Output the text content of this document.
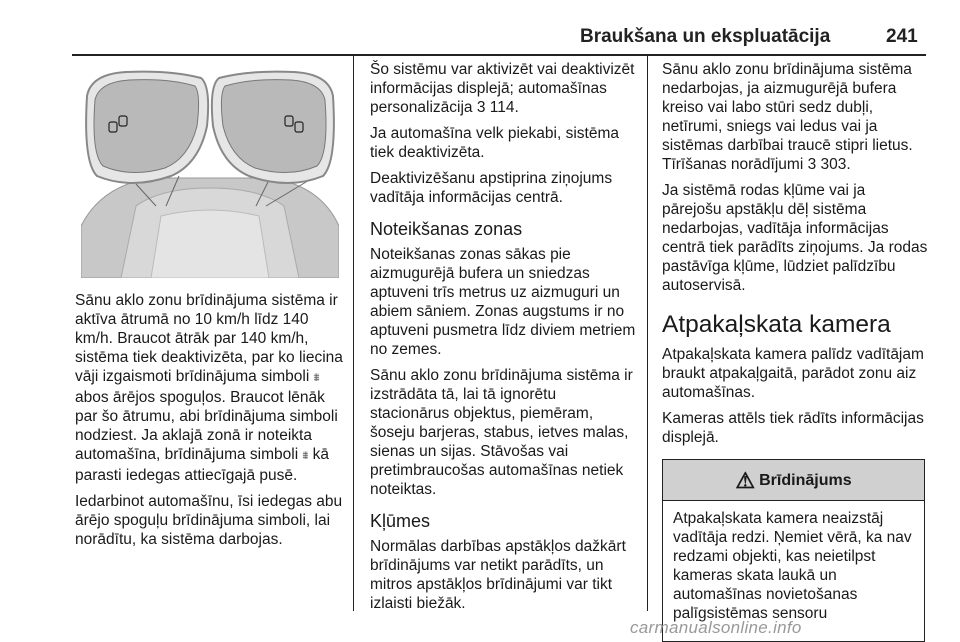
Braukšana un ekspluatācija	241

Sānu aklo zonu brīdinājuma sistēma ir aktīva ātrumā no 10 km/h līdz 140 km/h. Braucot ātrāk par 140 km/h, sistēma tiek deaktivizēta, par ko liecina vāji izgaismoti brīdinājuma simboli ⩩ abos ārējos spoguļos. Braucot lēnāk par šo ātrumu, abi brīdinājuma simboli nodziest. Ja aklajā zonā ir noteikta automašīna, brīdinājuma simboli ⩩ kā parasti iedegas attiecīgajā pusē.

Iedarbinot automašīnu, īsi iedegas abu ārējo spoguļu brīdinājuma simboli, lai norādītu, ka sistēma darbojas.

Šo sistēmu var aktivizēt vai deaktivizēt informācijas displejā; automašīnas personalizācija 3 114.

Ja automašīna velk piekabi, sistēma tiek deaktivizēta.

Deaktivizēšanu apstiprina ziņojums vadītāja informācijas centrā.

Noteikšanas zonas

Noteikšanas zonas sākas pie aizmugurējā bufera un sniedzas aptuveni trīs metrus uz aizmuguri un abiem sāniem. Zonas augstums ir no aptuveni pusmetra līdz diviem metriem no zemes.

Sānu aklo zonu brīdinājuma sistēma ir izstrādāta tā, lai tā ignorētu stacionārus objektus, piemēram, šoseju barjeras, stabus, ietves malas, sienas un sijas. Stāvošas vai pretimbraucošas automašīnas netiek noteiktas.

Kļūmes

Normālas darbības apstākļos dažkārt brīdinājums var netikt parādīts, un mitros apstākļos brīdinājumi var tikt izlaisti biežāk.

Sānu aklo zonu brīdinājuma sistēma nedarbojas, ja aizmugurējā bufera kreiso vai labo stūri sedz dubļi, netīrumi, sniegs vai ledus vai ja sistēmas darbībai traucē stipri lietus. Tīrīšanas norādījumi 3 303.

Ja sistēmā rodas kļūme vai ja pārejošu apstākļu dēļ sistēma nedarbojas, vadītāja informācijas centrā tiek parādīts ziņojums. Ja rodas pastāvīga kļūme, lūdziet palīdzību autoservisā.

Atpakaļskata kamera

Atpakaļskata kamera palīdz vadītājam braukt atpakaļgaitā, parādot zonu aiz automašīnas.

Kameras attēls tiek rādīts informācijas displejā.

⚠ Brīdinājums
Atpakaļskata kamera neaizstāj vadītāja redzi. Ņemiet vērā, ka nav redzami objekti, kas neietilpst kameras skata laukā un automašīnas novietošanas palīgsistēmas sensoru
carmanualsonline.info
